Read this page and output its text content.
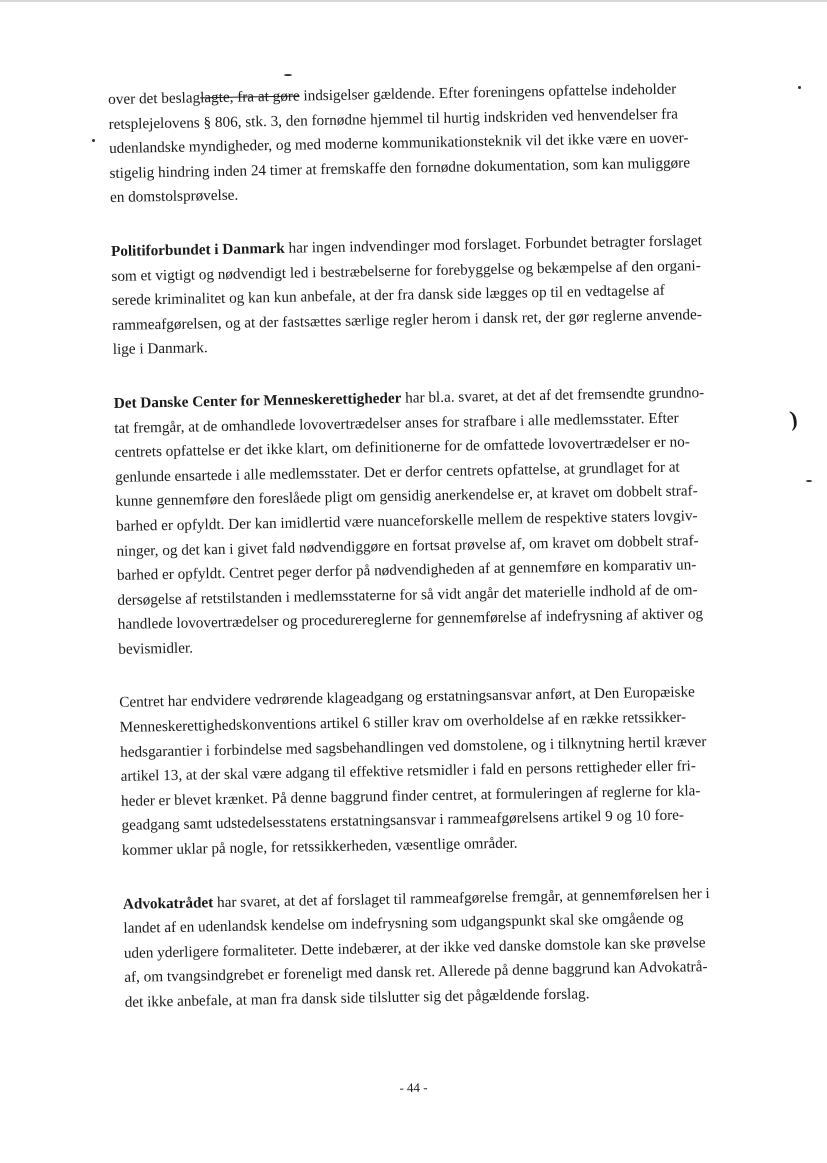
)
over det beslaglagte, fra at gøre indsigelser gældende. Efter foreningens opfattelse indeholder
retsplejelovens § 806, stk. 3, den fornødne hjemmel til hurtig indskriden ved henvendelser fra
udenlandske myndigheder, og med moderne kommunikationsteknik vil det ikke være en uover-
stigelig hindring inden 24 timer at fremskaffe den fornødne dokumentation, som kan muliggøre
en domstolsprøvelse.
Politiforbundet i Danmark har ingen indvendinger mod forslaget. Forbundet betragter forslaget
som et vigtigt og nødvendigt led i bestræbelserne for forebyggelse og bekæmpelse af den organi-
serede kriminalitet og kan kun anbefale, at der fra dansk side lægges op til en vedtagelse af
rammeafgørelsen, og at der fastsættes særlige regler herom i dansk ret, der gør reglerne anvende-
lige i Danmark.
Det Danske Center for Menneskerettigheder har bl.a. svaret, at det af det fremsendte grundno-
tat fremgår, at de omhandlede lovovertrædelser anses for strafbare i alle medlemsstater. Efter
centrets opfattelse er det ikke klart, om definitionerne for de omfattede lovovertrædelser er no-
genlunde ensartede i alle medlemsstater. Det er derfor centrets opfattelse, at grundlaget for at
kunne gennemføre den foreslåede pligt om gensidig anerkendelse er, at kravet om dobbelt straf-
barhed er opfyldt. Der kan imidlertid være nuanceforskelle mellem de respektive staters lovgiv-
ninger, og det kan i givet fald nødvendiggøre en fortsat prøvelse af, om kravet om dobbelt straf-
barhed er opfyldt. Centret peger derfor på nødvendigheden af at gennemføre en komparativ un-
dersøgelse af retstilstanden i medlemsstaterne for så vidt angår det materielle indhold af de om-
handlede lovovertrædelser og procedurereglerne for gennemførelse af indefrysning af aktiver og
bevismidler.
Centret har endvidere vedrørende klageadgang og erstatningsansvar anført, at Den Europæiske
Menneskerettighedskonventions artikel 6 stiller krav om overholdelse af en række retssikker-
hedsgarantier i forbindelse med sagsbehandlingen ved domstolene, og i tilknytning hertil kræver
artikel 13, at der skal være adgang til effektive retsmidler i fald en persons rettigheder eller fri-
heder er blevet krænket. På denne baggrund finder centret, at formuleringen af reglerne for kla-
geadgang samt udstedelsesstatens erstatningsansvar i rammeafgørelsens artikel 9 og 10 fore-
kommer uklar på nogle, for retssikkerheden, væsentlige områder.
Advokatrådet har svaret, at det af forslaget til rammeafgørelse fremgår, at gennemførelsen her i
landet af en udenlandsk kendelse om indefrysning som udgangspunkt skal ske omgående og
uden yderligere formaliteter. Dette indebærer, at der ikke ved danske domstole kan ske prøvelse
af, om tvangsindgrebet er foreneligt med dansk ret. Allerede på denne baggrund kan Advokatrå-
det ikke anbefale, at man fra dansk side tilslutter sig det pågældende forslag.
- 44 -
